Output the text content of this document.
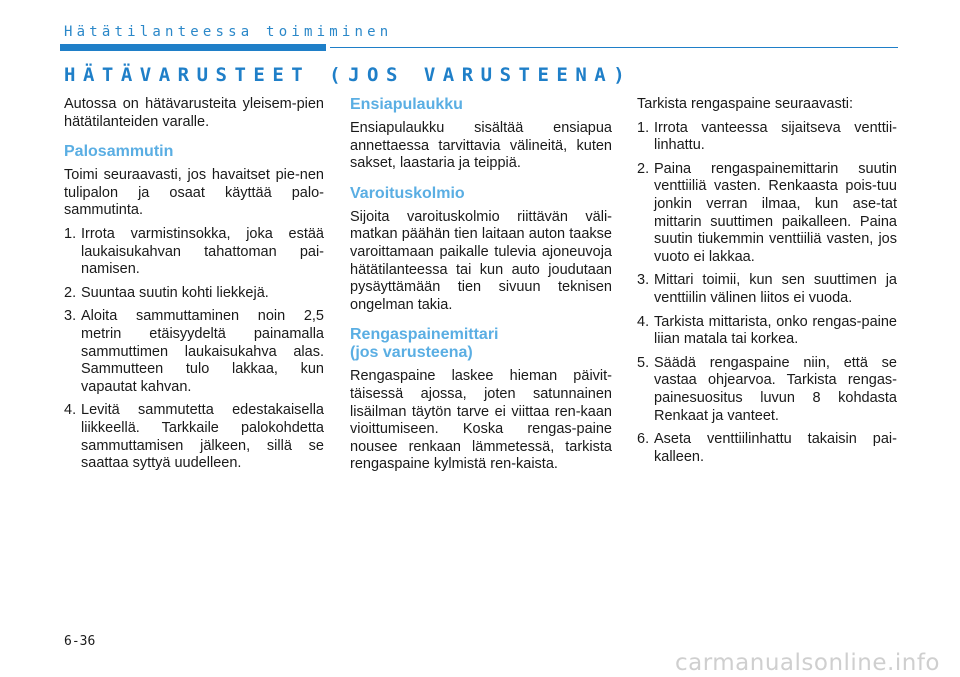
Hätätilanteessa toimiminen
HÄTÄVARUSTEET (JOS VARUSTEENA)

Autossa on hätävarusteita yleisem-pien hätätilanteiden varalle.

Palosammutin

Toimi seuraavasti, jos havaitset pie-nen tulipalon ja osaat käyttää palo-sammutinta.

1. Irrota varmistinsokka, joka estää laukaisukahvan tahattoman pai-namisen.
2. Suuntaa suutin kohti liekkejä.
3. Aloita sammuttaminen noin 2,5 metrin etäisyydeltä painamalla sammuttimen laukaisukahva alas. Sammutteen tulo lakkaa, kun vapautat kahvan.
4. Levitä sammutetta edestakaisella liikkeellä. Tarkkaile palokohdetta sammuttamisen jälkeen, sillä se saattaa syttyä uudelleen.
Ensiapulaukku

Ensiapulaukku sisältää ensiapua annettaessa tarvittavia välineitä, kuten sakset, laastaria ja teippiä.

Varoituskolmio

Sijoita varoituskolmio riittävän väli-matkan päähän tien laitaan auton taakse varoittamaan paikalle tulevia ajoneuvoja hätätilanteessa tai kun auto joudutaan pysäyttämään tien sivuun teknisen ongelman takia.

Rengaspainemittari
(jos varusteena)

Rengaspaine laskee hieman päivit-täisessä ajossa, joten satunnainen lisäilman täytön tarve ei viittaa ren-kaan vioittumiseen. Koska rengas-paine nousee renkaan lämmetessä, tarkista rengaspaine kylmistä ren-kaista.

Tarkista rengaspaine seuraavasti:

1. Irrota vanteessa sijaitseva venttii-linhattu.
2. Paina rengaspainemittarin suutin venttiiliä vasten. Renkaasta pois-tuu jonkin verran ilmaa, kun ase-tat mittarin suuttimen paikalleen. Paina suutin tiukemmin venttiiliä vasten, jos vuoto ei lakkaa.
3. Mittari toimii, kun sen suuttimen ja venttiilin välinen liitos ei vuoda.
4. Tarkista mittarista, onko rengas-paine liian matala tai korkea.
5. Säädä rengaspaine niin, että se vastaa ohjearvoa. Tarkista rengas-painesuositus luvun 8 kohdasta Renkaat ja vanteet.
6. Aseta venttiilinhattu takaisin pai-kalleen.
6-36
carmanualsonline.info
